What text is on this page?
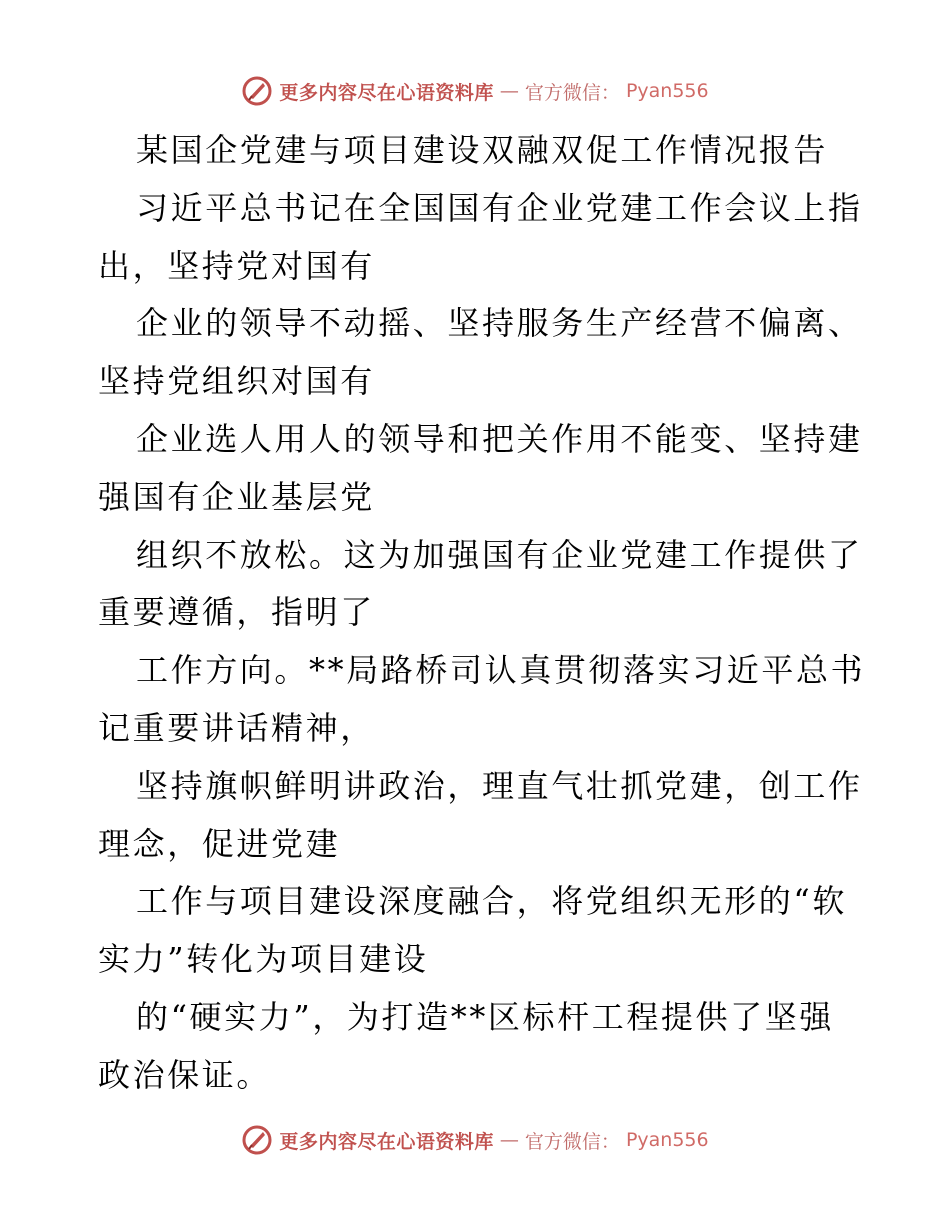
更多内容尽在心语资料库 — 官方微信： Pyan556
某国企党建与项目建设双融双促工作情况报告
习近平总书记在全国国有企业党建工作会议上指
出，坚持党对国有
企业的领导不动摇、坚持服务生产经营不偏离、
坚持党组织对国有
企业选人用人的领导和把关作用不能变、坚持建
强国有企业基层党
组织不放松。这为加强国有企业党建工作提供了
重要遵循，指明了
工作方向。**局路桥司认真贯彻落实习近平总书
记重要讲话精神，
坚持旗帜鲜明讲政治，理直气壮抓党建，创工作
理念，促进党建
工作与项目建设深度融合，将党组织无形的“软
实力”转化为项目建设
的“硬实力”，为打造**区标杆工程提供了坚强
政治保证。
更多内容尽在心语资料库 — 官方微信： Pyan556
